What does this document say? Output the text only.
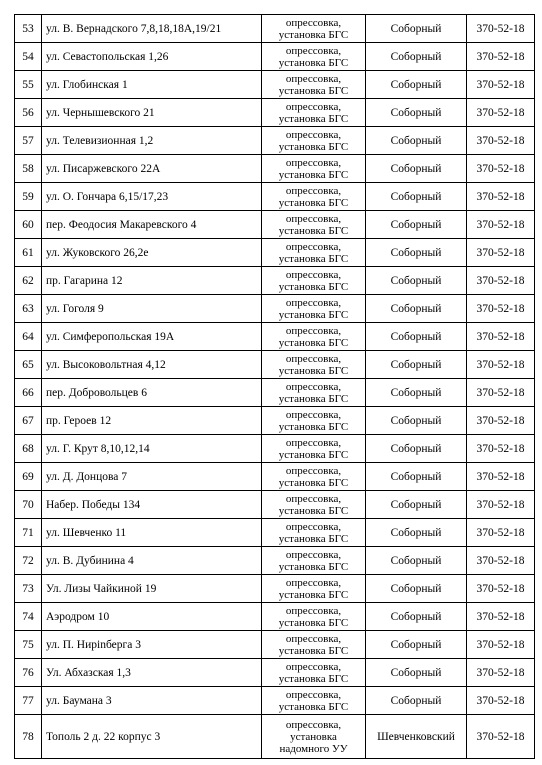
53	ул. В. Вернадского 7,8,18,18А,19/21	опрессовка,
установка БГС	Соборный	370-52-18
54	ул. Севастопольская 1,26	опрессовка,
установка БГС	Соборный	370-52-18
55	ул. Глобинская 1	опрессовка,
установка БГС	Соборный	370-52-18
56	ул. Чернышевского 21	опрессовка,
установка БГС	Соборный	370-52-18
57	ул. Телевизионная 1,2	опрессовка,
установка БГС	Соборный	370-52-18
58	ул. Писаржевского 22А	опрессовка,
установка БГС	Соборный	370-52-18
59	ул. О. Гончара 6,15/17,23	опрессовка,
установка БГС	Соборный	370-52-18
60	пер. Феодосия Макаревского 4	опрессовка,
установка БГС	Соборный	370-52-18
61	ул. Жуковского 26,2е	опрессовка,
установка БГС	Соборный	370-52-18
62	пр. Гагарина 12	опрессовка,
установка БГС	Соборный	370-52-18
63	ул. Гоголя 9	опрессовка,
установка БГС	Соборный	370-52-18
64	ул. Симферопольская 19А	опрессовка,
установка БГС	Соборный	370-52-18
65	ул. Высоковольтная 4,12	опрессовка,
установка БГС	Соборный	370-52-18
66	пер. Добровольцев 6	опрессовка,
установка БГС	Соборный	370-52-18
67	пр. Героев 12	опрессовка,
установка БГС	Соборный	370-52-18
68	ул. Г. Крут 8,10,12,14	опрессовка,
установка БГС	Соборный	370-52-18
69	ул. Д. Донцова 7	опрессовка,
установка БГС	Соборный	370-52-18
70	Набер. Победы 134	опрессовка,
установка БГС	Соборный	370-52-18
71	ул. Шевченко 11	опрессовка,
установка БГС	Соборный	370-52-18
72	ул. В. Дубинина 4	опрессовка,
установка БГС	Соборный	370-52-18
73	Ул. Лизы Чайкиной 19	опрессовка,
установка БГС	Соборный	370-52-18
74	Аэродром 10	опрессовка,
установка БГС	Соборный	370-52-18
75	ул. П. Нирinберга 3	опрессовка,
установка БГС	Соборный	370-52-18
76	Ул. Абхазская 1,3	опрессовка,
установка БГС	Соборный	370-52-18
77	ул. Баумана 3	опрессовка,
установка БГС	Соборный	370-52-18
78	Тополь 2 д. 22 корпус 3	опрессовка,
установка
надомного УУ	Шевченковский	370-52-18
